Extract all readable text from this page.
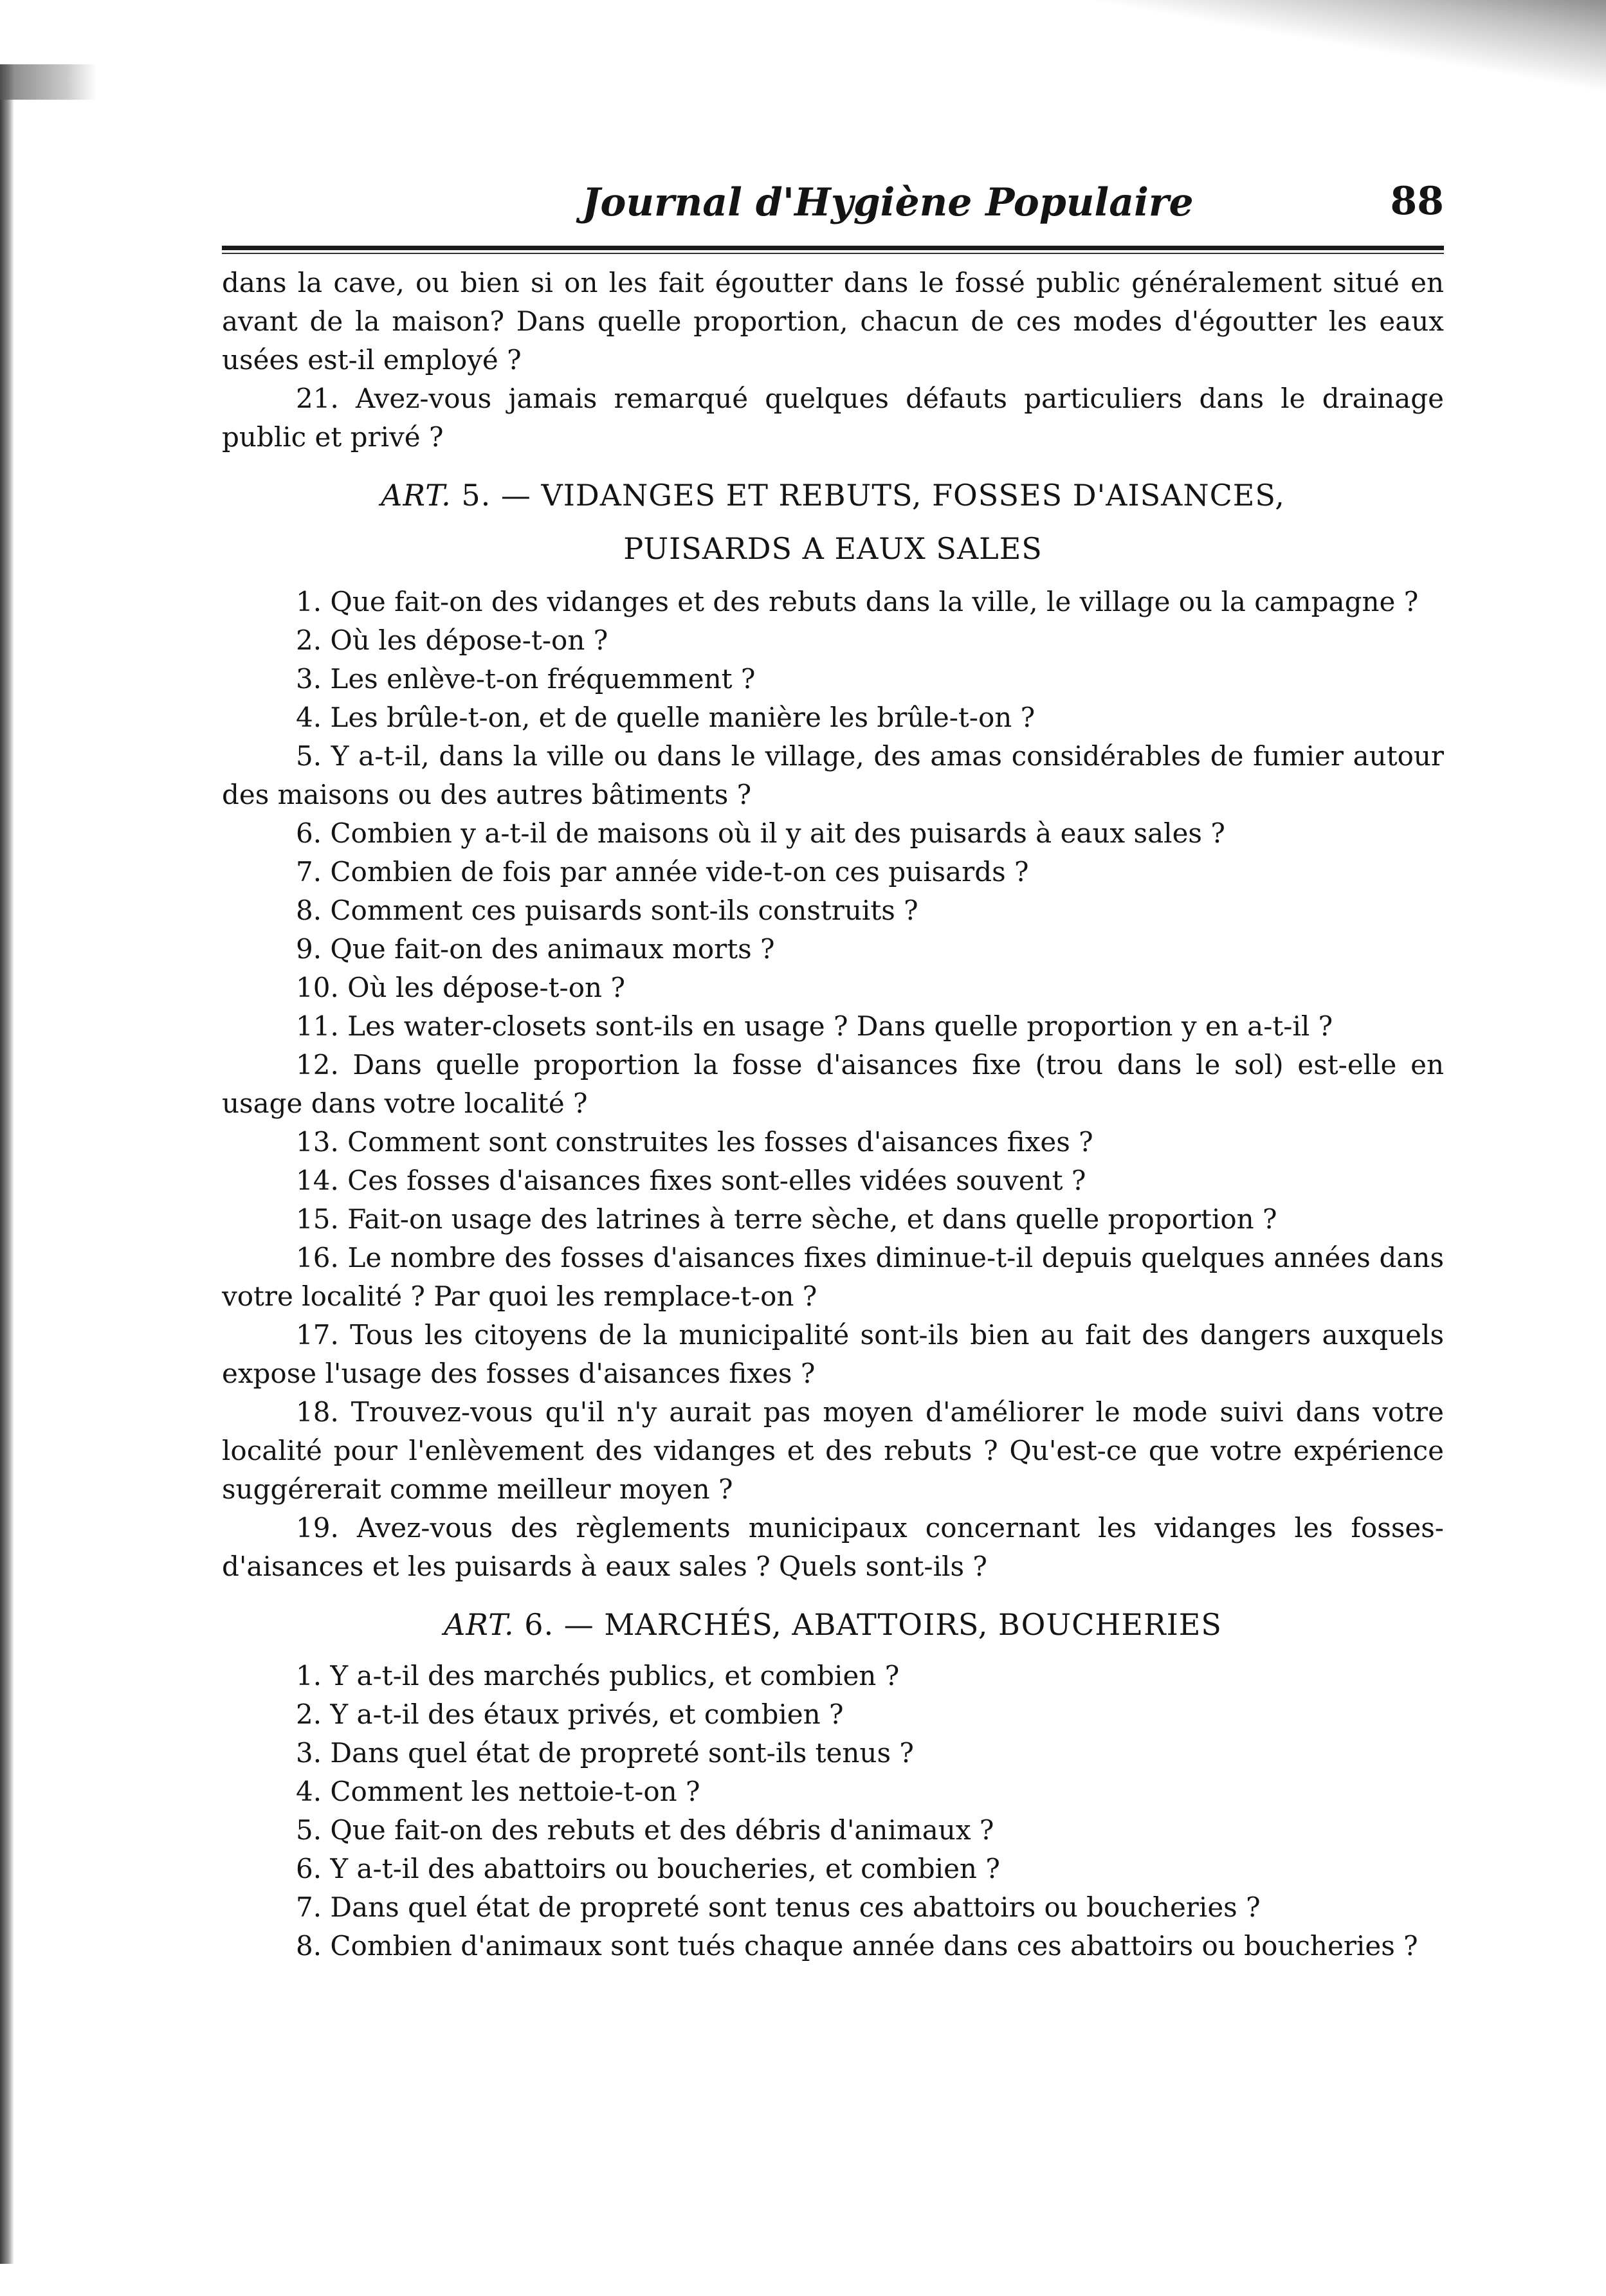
Journal d'Hygiène Populaire	88

dans la cave, ou bien si on les fait égoutter dans le fossé public généralement situé en avant de la maison? Dans quelle proportion, chacun de ces modes d'égoutter les eaux usées est-il employé ?

21. Avez-vous jamais remarqué quelques défauts particuliers dans le drainage public et privé ?

ART. 5. — VIDANGES ET REBUTS, FOSSES D'AISANCES,

PUISARDS A EAUX SALES

1. Que fait-on des vidanges et des rebuts dans la ville, le village ou la campagne ?

2. Où les dépose-t-on ?

3. Les enlève-t-on fréquemment ?

4. Les brûle-t-on, et de quelle manière les brûle-t-on ?

5. Y a-t-il, dans la ville ou dans le village, des amas considérables de fumier autour des maisons ou des autres bâtiments ?

6. Combien y a-t-il de maisons où il y ait des puisards à eaux sales ?

7. Combien de fois par année vide-t-on ces puisards ?

8. Comment ces puisards sont-ils construits ?

9. Que fait-on des animaux morts ?

10. Où les dépose-t-on ?

11. Les water-closets sont-ils en usage ? Dans quelle proportion y en a-t-il ?

12. Dans quelle proportion la fosse d'aisances fixe (trou dans le sol) est-elle en usage dans votre localité ?

13. Comment sont construites les fosses d'aisances fixes ?

14. Ces fosses d'aisances fixes sont-elles vidées souvent ?

15. Fait-on usage des latrines à terre sèche, et dans quelle proportion ?

16. Le nombre des fosses d'aisances fixes diminue-t-il depuis quelques années dans votre localité ? Par quoi les remplace-t-on ?

17. Tous les citoyens de la municipalité sont-ils bien au fait des dangers auxquels expose l'usage des fosses d'aisances fixes ?

18. Trouvez-vous qu'il n'y aurait pas moyen d'améliorer le mode suivi dans votre localité pour l'enlèvement des vidanges et des rebuts ? Qu'est-ce que votre expérience suggérerait comme meilleur moyen ?

19. Avez-vous des règlements municipaux concernant les vidanges les fosses-d'aisances et les puisards à eaux sales ? Quels sont-ils ?

ART. 6. — MARCHÉS, ABATTOIRS, BOUCHERIES

1. Y a-t-il des marchés publics, et combien ?

2. Y a-t-il des étaux privés, et combien ?

3. Dans quel état de propreté sont-ils tenus ?

4. Comment les nettoie-t-on ?

5. Que fait-on des rebuts et des débris d'animaux ?

6. Y a-t-il des abattoirs ou boucheries, et combien ?

7. Dans quel état de propreté sont tenus ces abattoirs ou boucheries ?

8. Combien d'animaux sont tués chaque année dans ces abattoirs ou boucheries ?
